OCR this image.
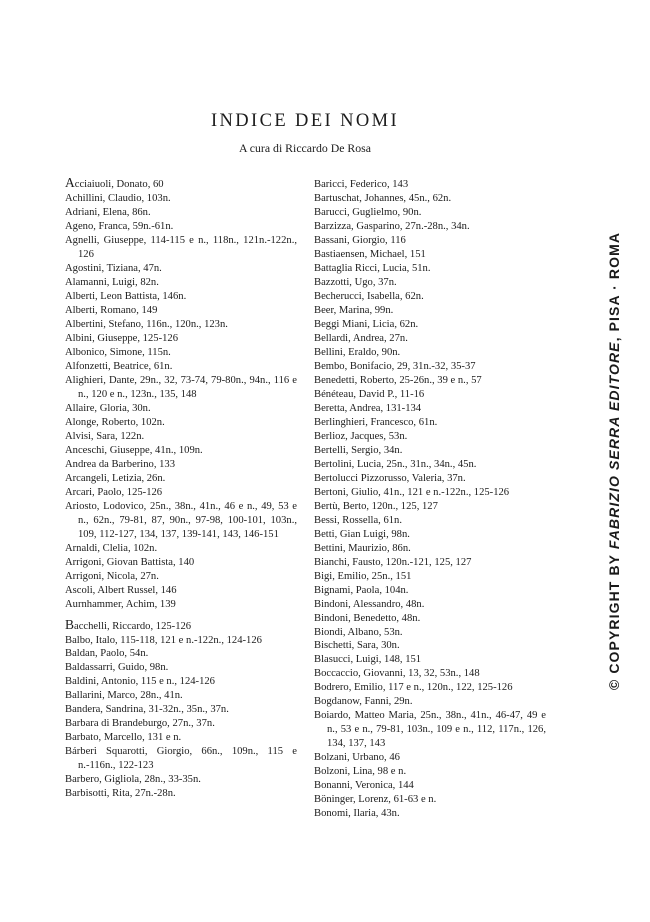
INDICE DEI NOMI
A cura di Riccardo De Rosa
Acciaiuoli, Donato, 60
Achillini, Claudio, 103n.
Adriani, Elena, 86n.
Ageno, Franca, 59n.-61n.
Agnelli, Giuseppe, 114-115 e n., 118n., 121n.-122n., 126
Agostini, Tiziana, 47n.
Alamanni, Luigi, 82n.
Alberti, Leon Battista, 146n.
Alberti, Romano, 149
Albertini, Stefano, 116n., 120n., 123n.
Albini, Giuseppe, 125-126
Albonico, Simone, 115n.
Alfonzetti, Beatrice, 61n.
Alighieri, Dante, 29n., 32, 73-74, 79-80n., 94n., 116 e n., 120 e n., 123n., 135, 148
Allaire, Gloria, 30n.
Alonge, Roberto, 102n.
Alvisi, Sara, 122n.
Anceschi, Giuseppe, 41n., 109n.
Andrea da Barberino, 133
Arcangeli, Letizia, 26n.
Arcari, Paolo, 125-126
Ariosto, Lodovico, 25n., 38n., 41n., 46 e n., 49, 53 e n., 62n., 79-81, 87, 90n., 97-98, 100-101, 103n., 109, 112-127, 134, 137, 139-141, 143, 146-151
Arnaldi, Clelia, 102n.
Arrigoni, Giovan Battista, 140
Arrigoni, Nicola, 27n.
Ascoli, Albert Russel, 146
Aurnhammer, Achim, 139
Bacchelli, Riccardo, 125-126
Balbo, Italo, 115-118, 121 e n.-122n., 124-126
Baldan, Paolo, 54n.
Baldassarri, Guido, 98n.
Baldini, Antonio, 115 e n., 124-126
Ballarini, Marco, 28n., 41n.
Bandera, Sandrina, 31-32n., 35n., 37n.
Barbara di Brandeburgo, 27n., 37n.
Barbato, Marcello, 131 e n.
Bárberi Squarotti, Giorgio, 66n., 109n., 115 e n.-116n., 122-123
Barbero, Gigliola, 28n., 33-35n.
Barbisotti, Rita, 27n.-28n.
Baricci, Federico, 143
Bartuschat, Johannes, 45n., 62n.
Barucci, Guglielmo, 90n.
Barzizza, Gasparino, 27n.-28n., 34n.
Bassani, Giorgio, 116
Bastiaensen, Michael, 151
Battaglia Ricci, Lucia, 51n.
Bazzotti, Ugo, 37n.
Becherucci, Isabella, 62n.
Beer, Marina, 99n.
Beggi Miani, Licia, 62n.
Bellardi, Andrea, 27n.
Bellini, Eraldo, 90n.
Bembo, Bonifacio, 29, 31n.-32, 35-37
Benedetti, Roberto, 25-26n., 39 e n., 57
Bénéteau, David P., 11-16
Beretta, Andrea, 131-134
Berlinghieri, Francesco, 61n.
Berlioz, Jacques, 53n.
Bertelli, Sergio, 34n.
Bertolini, Lucia, 25n., 31n., 34n., 45n.
Bertolucci Pizzorusso, Valeria, 37n.
Bertoni, Giulio, 41n., 121 e n.-122n., 125-126
Bertù, Berto, 120n., 125, 127
Bessi, Rossella, 61n.
Betti, Gian Luigi, 98n.
Bettini, Maurizio, 86n.
Bianchi, Fausto, 120n.-121, 125, 127
Bigi, Emilio, 25n., 151
Bignami, Paola, 104n.
Bindoni, Alessandro, 48n.
Bindoni, Benedetto, 48n.
Biondi, Albano, 53n.
Bischetti, Sara, 30n.
Blasucci, Luigi, 148, 151
Boccaccio, Giovanni, 13, 32, 53n., 148
Bodrero, Emilio, 117 e n., 120n., 122, 125-126
Bogdanow, Fanni, 29n.
Boiardo, Matteo Maria, 25n., 38n., 41n., 46-47, 49 e n., 53 e n., 79-81, 103n., 109 e n., 112, 117n., 126, 134, 137, 143
Bolzani, Urbano, 46
Bolzoni, Lina, 98 e n.
Bonanni, Veronica, 144
Böninger, Lorenz, 61-63 e n.
Bonomi, Ilaria, 43n.
© COPYRIGHT BY FABRIZIO SERRA EDITORE, PISA · ROMA
